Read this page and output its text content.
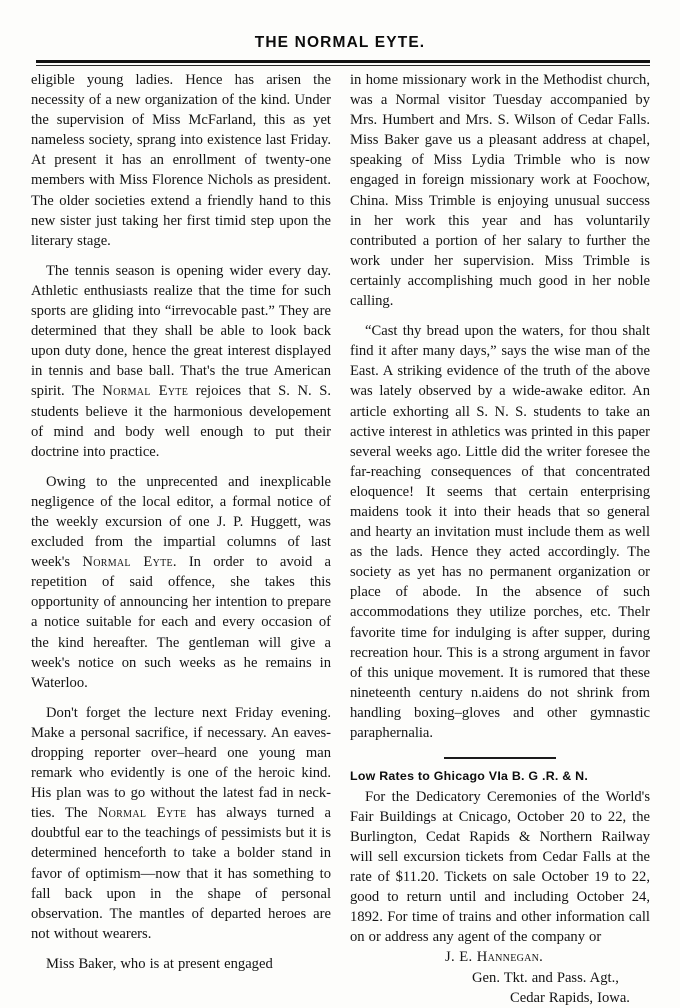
THE NORMAL EYTE.

eligible young ladies. Hence has arisen the necessity of a new organization of the kind. Under the supervision of Miss McFarland, this as yet nameless society, sprang into existence last Friday. At present it has an enrollment of twenty-one members with Miss Florence Nichols as president. The older societies extend a friendly hand to this new sister just taking her first timid step upon the literary stage.

The tennis season is opening wider every day. Athletic enthusiasts realize that the time for such sports are gliding into “irrevocable past.” They are determined that they shall be able to look back upon duty done, hence the great interest displayed in tennis and base ball. That's the true American spirit. The Normal Eyte rejoices that S. N. S. students believe it the harmonious developement of mind and body well enough to put their doctrine into practice.

Owing to the unprecented and inexplicable negligence of the local editor, a formal notice of the weekly excursion of one J. P. Huggett, was excluded from the impartial columns of last week's Normal Eyte. In order to avoid a repetition of said offence, she takes this opportunity of announcing her intention to prepare a notice suitable for each and every occasion of the kind hereafter. The gentleman will give a week's notice on such weeks as he remains in Waterloo.

Don't forget the lecture next Friday evening. Make a personal sacrifice, if necessary. An eaves-dropping reporter over–heard one young man remark who evidently is one of the heroic kind. His plan was to go without the latest fad in neck-ties. The Normal Eyte has always turned a doubtful ear to the teachings of pessimists but it is determined henceforth to take a bolder stand in favor of optimism—now that it has something to fall back upon in the shape of personal observation. The mantles of departed heroes are not without wearers.

Miss Baker, who is at present engaged

in home missionary work in the Methodist church, was a Normal visitor Tuesday accompanied by Mrs. Humbert and Mrs. S. Wilson of Cedar Falls. Miss Baker gave us a pleasant address at chapel, speaking of Miss Lydia Trimble who is now engaged in foreign missionary work at Foochow, China. Miss Trimble is enjoying unusual success in her work this year and has voluntarily contributed a portion of her salary to further the work under her supervision. Miss Trimble is certainly accomplishing much good in her noble calling.

“Cast thy bread upon the waters, for thou shalt find it after many days,” says the wise man of the East. A striking evidence of the truth of the above was lately observed by a wide-awake editor. An article exhorting all S. N. S. students to take an active interest in athletics was printed in this paper several weeks ago. Little did the writer foresee the far-reaching consequences of that concentrated eloquence! It seems that certain enterprising maidens took it into their heads that so general and hearty an invitation must include them as well as the lads. Hence they acted accordingly. The society as yet has no permanent organization or place of abode. In the absence of such accommodations they utilize porches, etc. Thelr favorite time for indulging is after supper, during recreation hour. This is a strong argument in favor of this unique movement. It is rumored that these nineteenth century n.aidens do not shrink from handling boxing–gloves and other gymnastic paraphernalia.

Low Rates to Ghicago VIa B. G .R. & N.

For the Dedicatory Ceremonies of the World's Fair Buildings at Cnicago, October 20 to 22, the Burlington, Cedat Rapids & Northern Railway will sell excursion tickets from Cedar Falls at the rate of $11.20. Tickets on sale October 19 to 22, good to return until and including October 24, 1892. For time of trains and other information call on or address any agent of the company or

J. E. Hannegan.

Gen. Tkt. and Pass. Agt.,

Cedar Rapids, Iowa.
